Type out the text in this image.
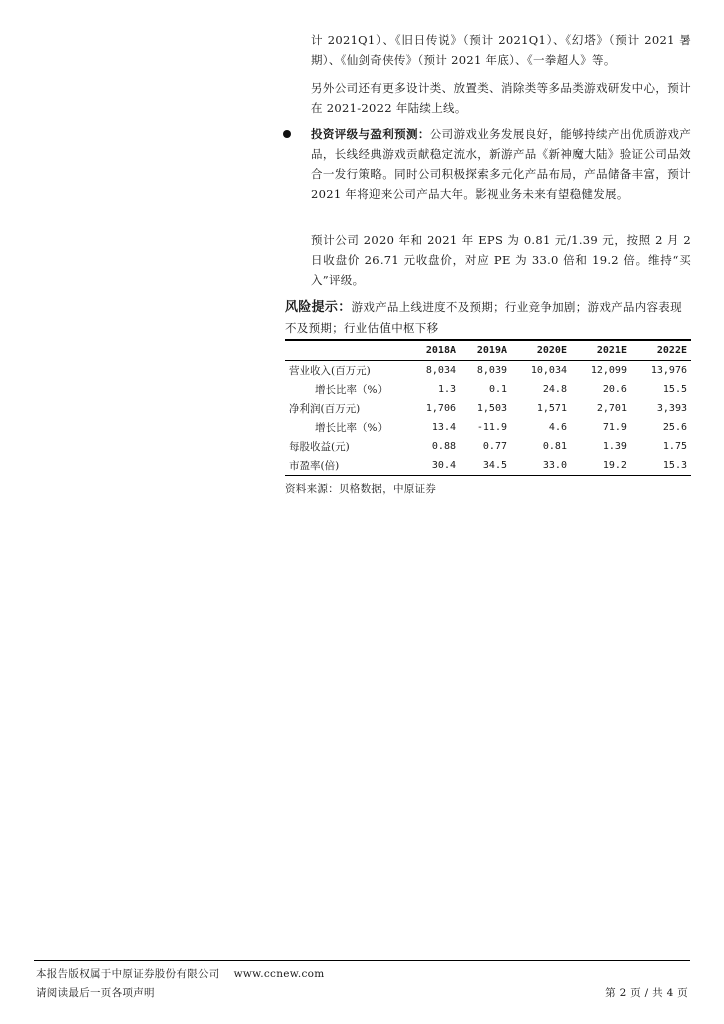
计 2021Q1）、《旧日传说》（预计 2021Q1）、《幻塔》（预计 2021 暑期）、《仙剑奇侠传》（预计 2021 年底）、《一拳超人》等。

另外公司还有更多设计类、放置类、消除类等多品类游戏研发中心，预计在 2021-2022 年陆续上线。

投资评级与盈利预测：公司游戏业务发展良好，能够持续产出优质游戏产品，长线经典游戏贡献稳定流水，新游产品《新神魔大陆》验证公司品效合一发行策略。同时公司积极探索多元化产品布局，产品储备丰富，预计 2021 年将迎来公司产品大年。影视业务未来有望稳健发展。

预计公司 2020 年和 2021 年 EPS 为 0.81 元/1.39 元，按照 2 月 2 日收盘价 26.71 元收盘价，对应 PE 为 33.0 倍和 19.2 倍。维持“买入”评级。

风险提示：游戏产品上线进度不及预期；行业竞争加剧；游戏产品内容表现不及预期；行业估值中枢下移

	2018A	2019A	2020E	2021E	2022E
营业收入(百万元)	8,034	8,039	10,034	12,099	13,976
增长比率（%）	1.3	0.1	24.8	20.6	15.5
净利润(百万元)	1,706	1,503	1,571	2,701	3,393
增长比率（%）	13.4	-11.9	4.6	71.9	25.6
每股收益(元)	0.88	0.77	0.81	1.39	1.75
市盈率(倍)	30.4	34.5	33.0	19.2	15.3
资料来源：贝格数据，中原证券
本报告版权属于中原证券股份有限公司 www.ccnew.com
请阅读最后一页各项声明	第 2 页 / 共 4 页
